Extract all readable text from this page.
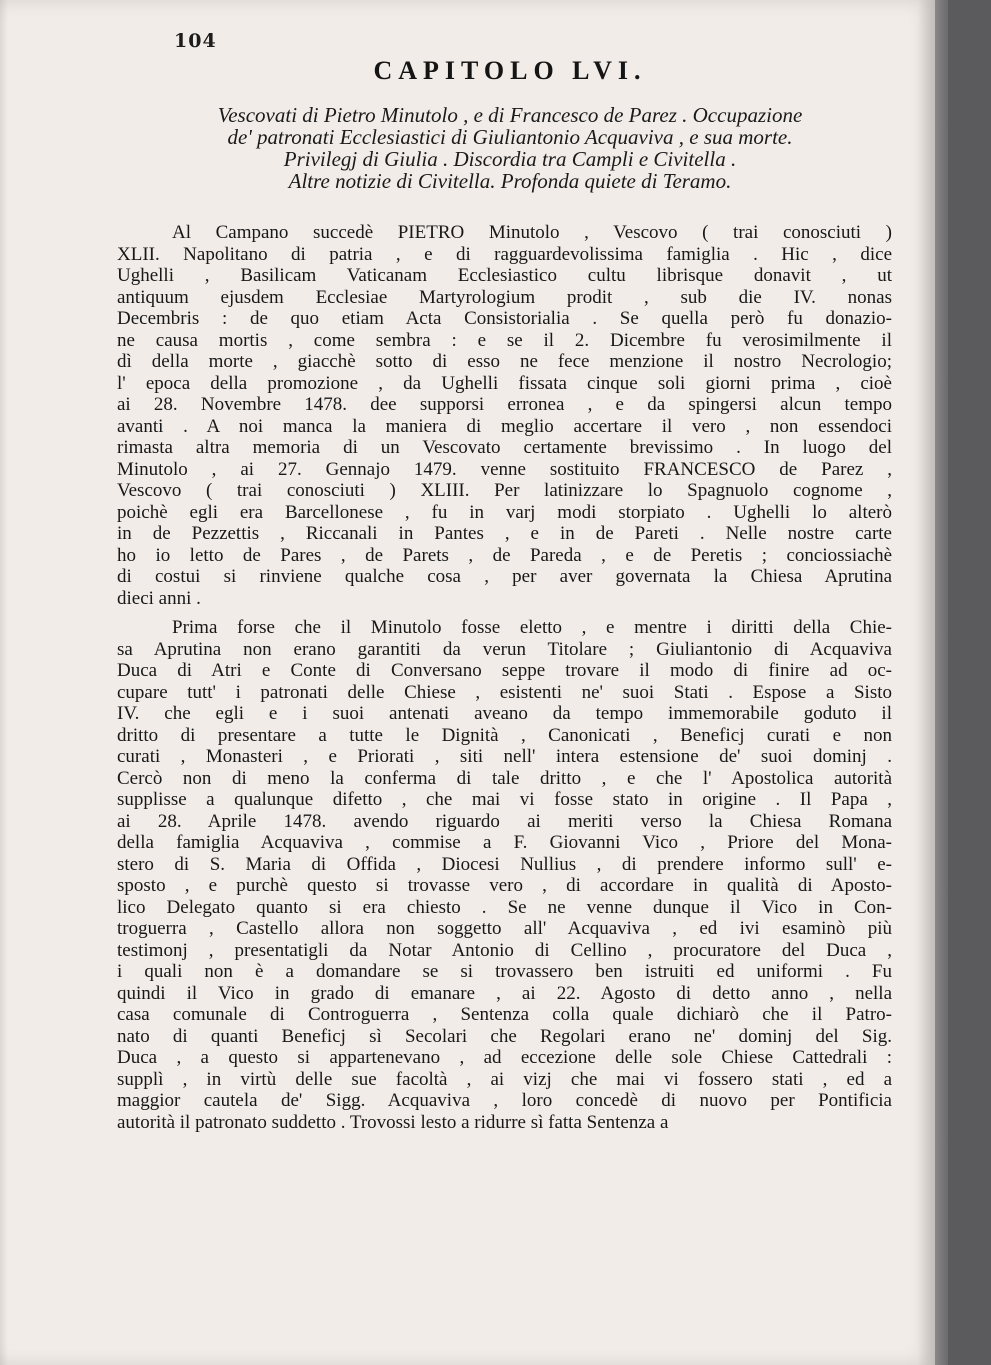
104
CAPITOLO LVI.
Vescovati di Pietro Minutolo , e di Francesco de Parez . Occupazione
de' patronati Ecclesiastici di Giuliantonio Acquaviva , e sua morte.
Privilegj di Giulia . Discordia tra Campli e Civitella .
Altre notizie di Civitella. Profonda quiete di Teramo.
Al Campano succedè PIETRO Minutolo , Vescovo ( trai conosciuti )
XLII. Napolitano di patria , e di ragguardevolissima famiglia . Hic , dice
Ughelli , Basilicam Vaticanam Ecclesiastico cultu librisque donavit , ut
antiquum ejusdem Ecclesiae Martyrologium prodit , sub die IV. nonas
Decembris : de quo etiam Acta Consistorialia . Se quella però fu donazio-
ne causa mortis , come sembra : e se il 2. Dicembre fu verosimilmente il
dì della morte , giacchè sotto di esso ne fece menzione il nostro Necrologio;
l' epoca della promozione , da Ughelli fissata cinque soli giorni prima , cioè
ai 28. Novembre 1478. dee supporsi erronea , e da spingersi alcun tempo
avanti . A noi manca la maniera di meglio accertare il vero , non essendoci
rimasta altra memoria di un Vescovato certamente brevissimo . In luogo del
Minutolo , ai 27. Gennajo 1479. venne sostituito FRANCESCO de Parez ,
Vescovo ( trai conosciuti ) XLIII. Per latinizzare lo Spagnuolo cognome ,
poichè egli era Barcellonese , fu in varj modi storpiato . Ughelli lo alterò
in de Pezzettis , Riccanali in Pantes , e in de Pareti . Nelle nostre carte
ho io letto de Pares , de Parets , de Pareda , e de Peretis ; conciossiachè
di costui si rinviene qualche cosa , per aver governata la Chiesa Aprutina
dieci anni .
Prima forse che il Minutolo fosse eletto , e mentre i diritti della Chie-
sa Aprutina non erano garantiti da verun Titolare ; Giuliantonio di Acquaviva
Duca di Atri e Conte di Conversano seppe trovare il modo di finire ad oc-
cupare tutt' i patronati delle Chiese , esistenti ne' suoi Stati . Espose a Sisto
IV. che egli e i suoi antenati aveano da tempo immemorabile goduto il
dritto di presentare a tutte le Dignità , Canonicati , Beneficj curati e non
curati , Monasteri , e Priorati , siti nell' intera estensione de' suoi dominj .
Cercò non di meno la conferma di tale dritto , e che l' Apostolica autorità
supplisse a qualunque difetto , che mai vi fosse stato in origine . Il Papa ,
ai 28. Aprile 1478. avendo riguardo ai meriti verso la Chiesa Romana
della famiglia Acquaviva , commise a F. Giovanni Vico , Priore del Mona-
stero di S. Maria di Offida , Diocesi Nullius , di prendere informo sull' e-
sposto , e purchè questo si trovasse vero , di accordare in qualità di Aposto-
lico Delegato quanto si era chiesto . Se ne venne dunque il Vico in Con-
troguerra , Castello allora non soggetto all' Acquaviva , ed ivi esaminò più
testimonj , presentatigli da Notar Antonio di Cellino , procuratore del Duca ,
i quali non è a domandare se si trovassero ben istruiti ed uniformi . Fu
quindi il Vico in grado di emanare , ai 22. Agosto di detto anno , nella
casa comunale di Controguerra , Sentenza colla quale dichiarò che il Patro-
nato di quanti Beneficj sì Secolari che Regolari erano ne' dominj del Sig.
Duca , a questo si appartenevano , ad eccezione delle sole Chiese Cattedrali :
supplì , in virtù delle sue facoltà , ai vizj che mai vi fossero stati , ed a
maggior cautela de' Sigg. Acquaviva , loro concedè di nuovo per Pontificia
autorità il patronato suddetto . Trovossi lesto a ridurre sì fatta Sentenza a
